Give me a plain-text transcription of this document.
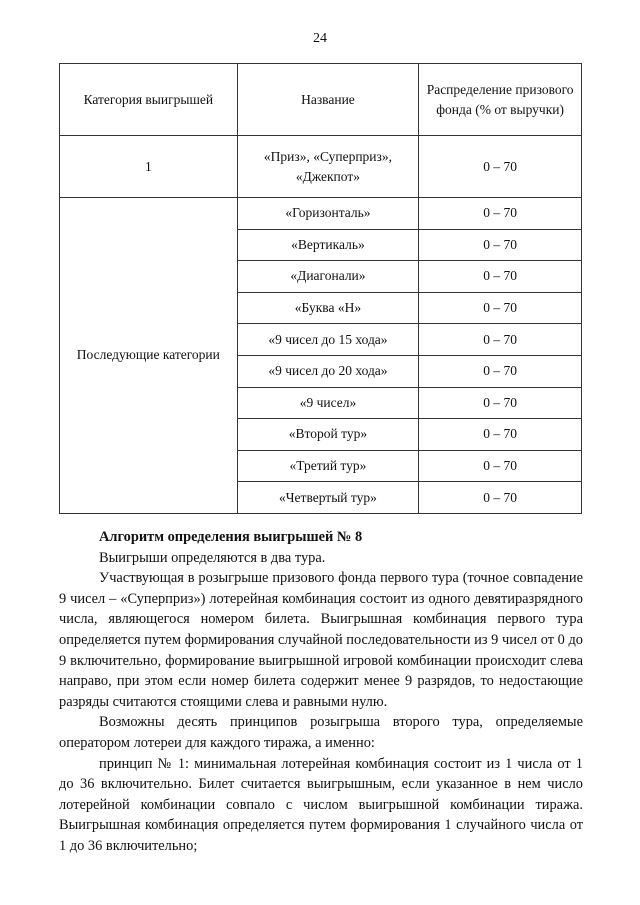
24
Категория выигрышей	Название	Распределение призового фонда (% от выручки)
1	«Приз», «Суперприз», «Джекпот»	0 – 70
Последующие категории	«Горизонталь»	0 – 70
	«Вертикаль»	0 – 70
	«Диагонали»	0 – 70
	«Буква «Н»	0 – 70
	«9 чисел до 15 хода»	0 – 70
	«9 чисел до 20 хода»	0 – 70
	«9 чисел»	0 – 70
	«Второй тур»	0 – 70
	«Третий тур»	0 – 70
	«Четвертый тур»	0 – 70

Алгоритм определения выигрышей № 8

Выигрыши определяются в два тура.

Участвующая в розыгрыше призового фонда первого тура (точное совпадение 9 чисел – «Суперприз») лотерейная комбинация состоит из одного девятиразрядного числа, являющегося номером билета. Выигрышная комбинация первого тура определяется путем формирования случайной последовательности из 9 чисел от 0 до 9 включительно, формирование выигрышной игровой комбинации происходит слева направо, при этом если номер билета содержит менее 9 разрядов, то недостающие разряды считаются стоящими слева и равными нулю.

Возможны десять принципов розыгрыша второго тура, определяемые оператором лотереи для каждого тиража, а именно:

принцип № 1: минимальная лотерейная комбинация состоит из 1 числа от 1 до 36 включительно. Билет считается выигрышным, если указанное в нем число лотерейной комбинации совпало с числом выигрышной комбинации тиража. Выигрышная комбинация определяется путем формирования 1 случайного числа от 1 до 36 включительно;
